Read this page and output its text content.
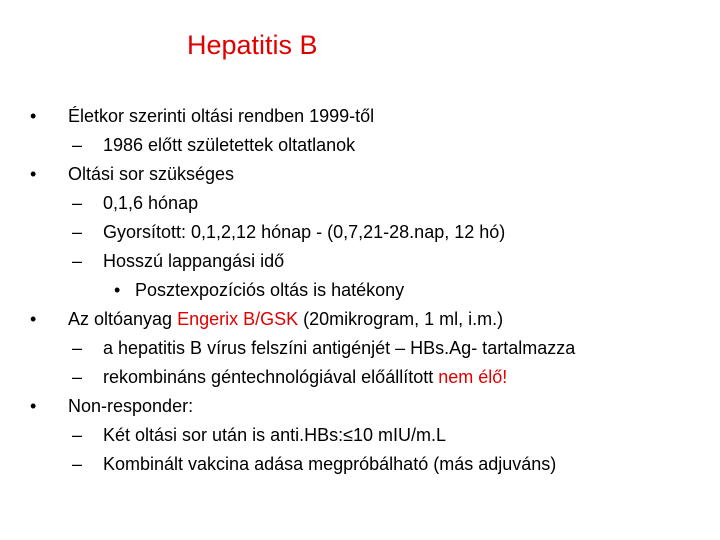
Hepatitis B
• Életkor szerinti oltási rendben 1999-től
– 1986 előtt születettek oltatlanok
• Oltási sor szükséges
– 0,1,6 hónap
– Gyorsított: 0,1,2,12 hónap - (0,7,21-28.nap, 12 hó)
– Hosszú lappangási idő
• Posztexpozíciós oltás is hatékony
• Az oltóanyag Engerix B/GSK (20mikrogram, 1 ml, i.m.)
– a hepatitis B vírus felszíni antigénjét – HBs.Ag- tartalmazza
– rekombináns géntechnológiával előállított nem élő!
• Non-responder:
– Két oltási sor után is anti.HBs:≤10 mIU/m.L
– Kombinált vakcina adása megpróbálható (más adjuváns)
